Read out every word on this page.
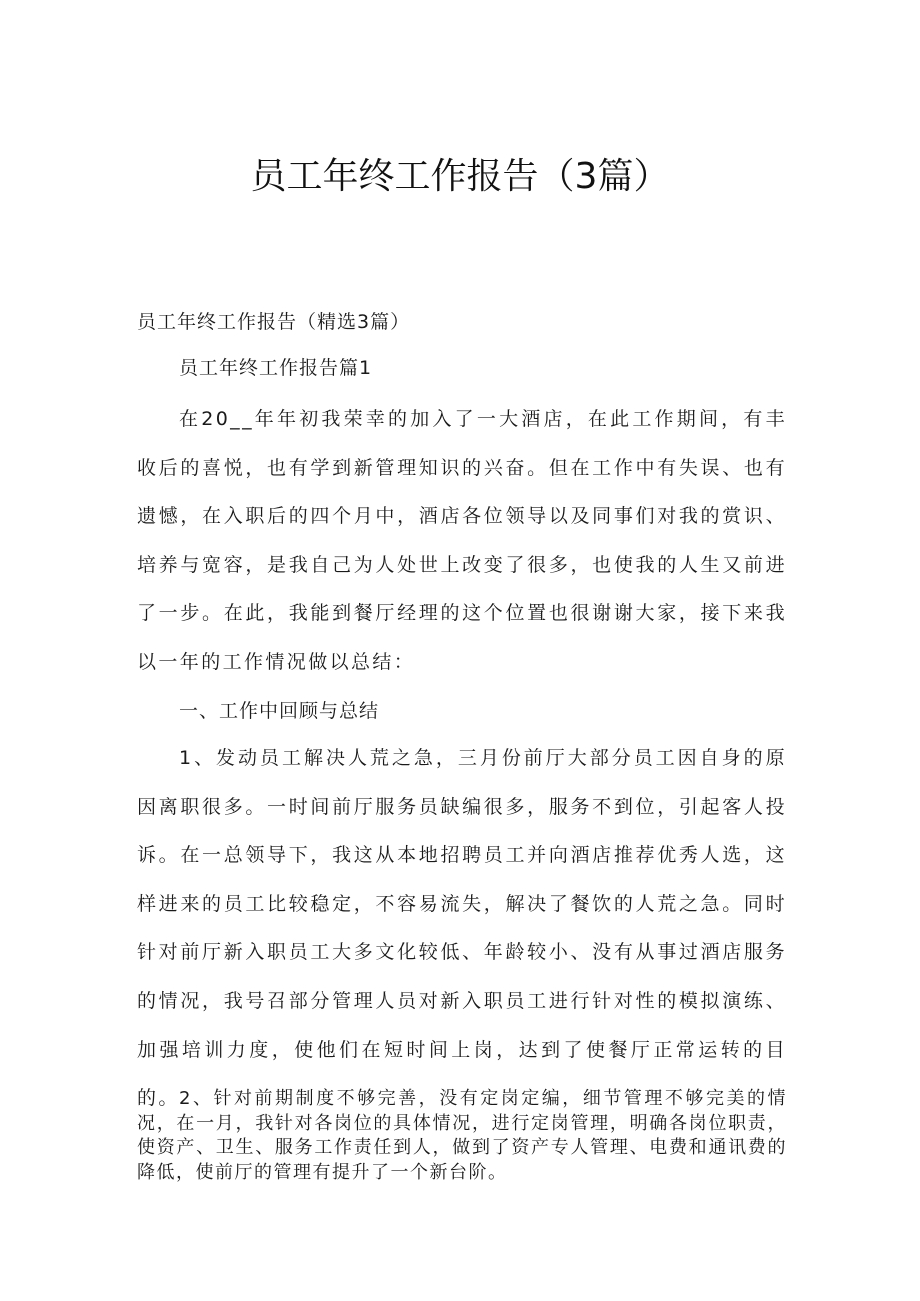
员工年终工作报告（3篇）
员工年终工作报告（精选3篇）
员工年终工作报告篇1

在20__年年初我荣幸的加入了一大酒店，在此工作期间，有丰收后的喜悦，也有学到新管理知识的兴奋。但在工作中有失误、也有遗憾，在入职后的四个月中，酒店各位领导以及同事们对我的赏识、培养与宽容，是我自己为人处世上改变了很多，也使我的人生又前进了一步。在此，我能到餐厅经理的这个位置也很谢谢大家，接下来我以一年的工作情况做以总结：

一、工作中回顾与总结

1、发动员工解决人荒之急，三月份前厅大部分员工因自身的原因离职很多。一时间前厅服务员缺编很多，服务不到位，引起客人投诉。在一总领导下，我这从本地招聘员工并向酒店推荐优秀人选，这样进来的员工比较稳定，不容易流失，解决了餐饮的人荒之急。同时针对前厅新入职员工大多文化较低、年龄较小、没有从事过酒店服务的情况，我号召部分管理人员对新入职员工进行针对性的模拟演练、加强培训力度，使他们在短时间上岗，达到了使餐厅正常运转的目的。 2、针对前期制度不够完善，没有定岗定编，细节管理不够完美的情况，在一月，我针对各岗位的具体情况，进行定岗管理，明确各岗位职责，使资产、卫生、服务工作责任到人，做到了资产专人管理、电费和通讯费的降低，使前厅的管理有提升了一个新台阶。
